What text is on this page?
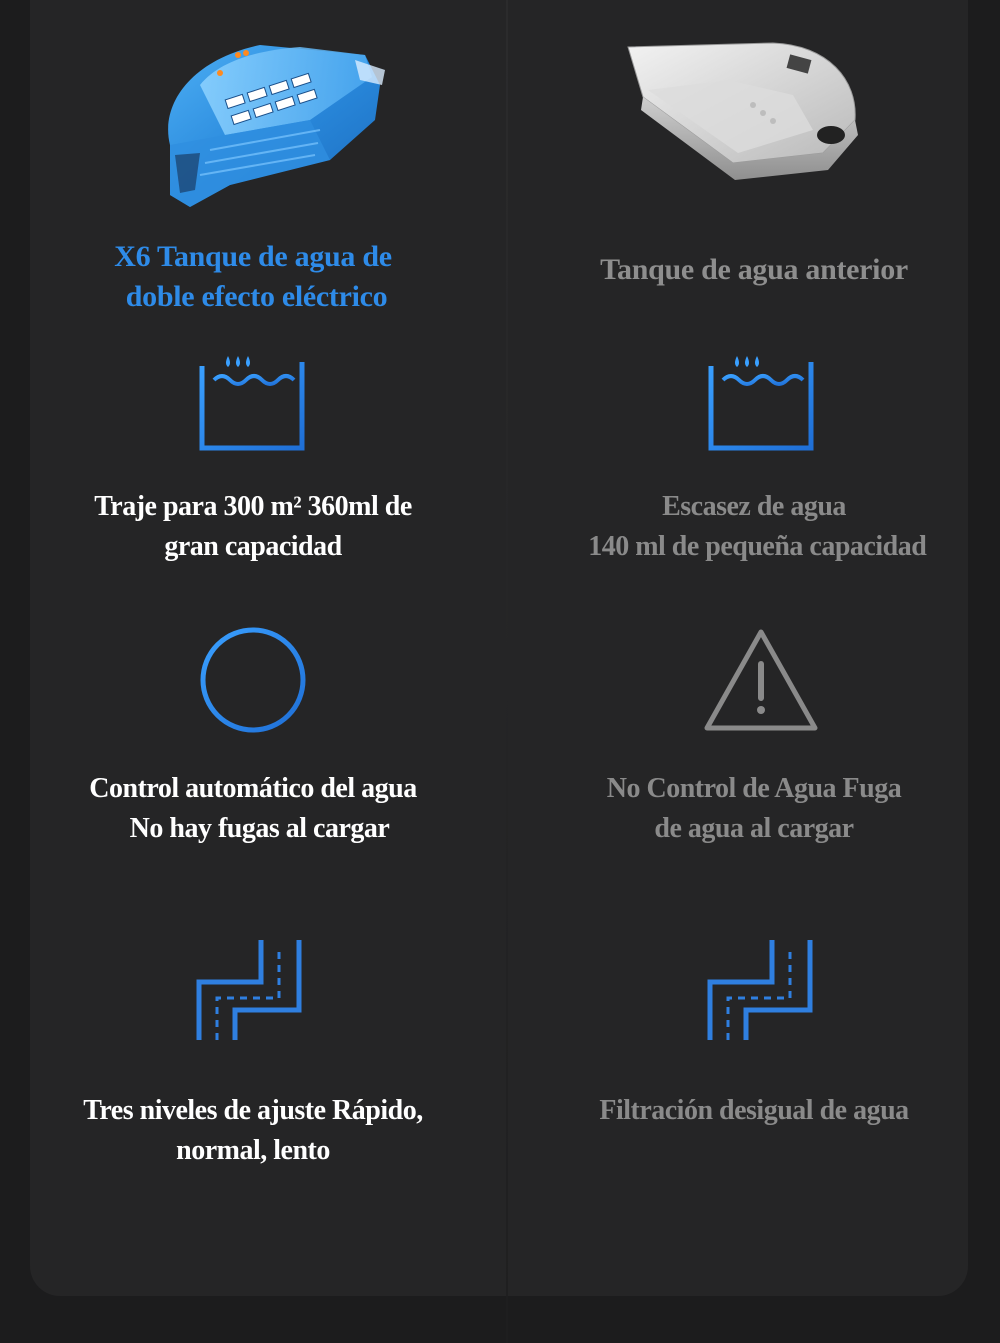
X6 Tanque de agua de
doble efecto eléctrico
Traje para 300 m² 360ml de
gran capacidad
Control automático del agua
No hay fugas al cargar
Tres niveles de ajuste Rápido,
normal, lento
Tanque de agua anterior
Escasez de agua
140 ml de pequeña capacidad
No Control de Agua Fuga
de agua al cargar
Filtración desigual de agua
